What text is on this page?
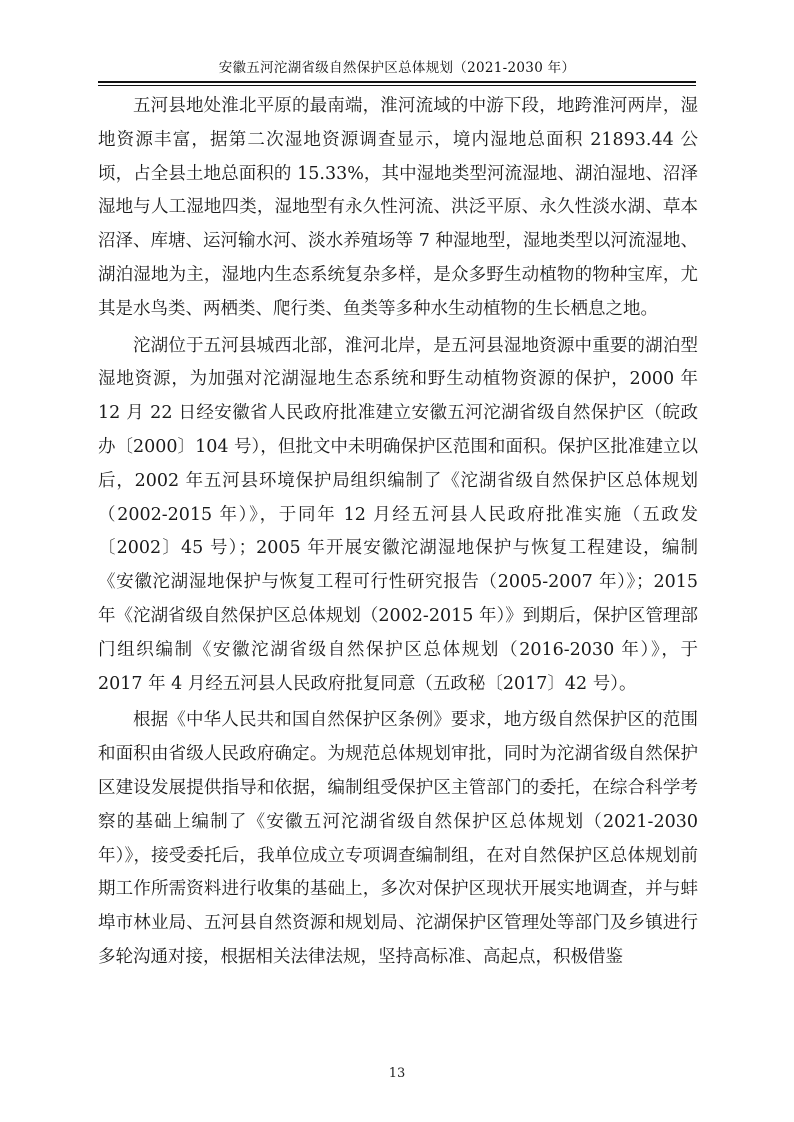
安徽五河沱湖省级自然保护区总体规划（2021-2030 年）

五河县地处淮北平原的最南端，淮河流域的中游下段，地跨淮河两岸，湿地资源丰富，据第二次湿地资源调查显示，境内湿地总面积 21893.44 公顷，占全县土地总面积的 15.33%，其中湿地类型河流湿地、湖泊湿地、沼泽湿地与人工湿地四类，湿地型有永久性河流、洪泛平原、永久性淡水湖、草本沼泽、库塘、运河输水河、淡水养殖场等 7 种湿地型，湿地类型以河流湿地、湖泊湿地为主，湿地内生态系统复杂多样，是众多野生动植物的物种宝库，尤其是水鸟类、两栖类、爬行类、鱼类等多种水生动植物的生长栖息之地。

沱湖位于五河县城西北部，淮河北岸，是五河县湿地资源中重要的湖泊型湿地资源，为加强对沱湖湿地生态系统和野生动植物资源的保护，2000 年 12 月 22 日经安徽省人民政府批准建立安徽五河沱湖省级自然保护区（皖政办〔2000〕104 号），但批文中未明确保护区范围和面积。保护区批准建立以后，2002 年五河县环境保护局组织编制了《沱湖省级自然保护区总体规划（2002-2015 年）》，于同年 12 月经五河县人民政府批准实施（五政发〔2002〕45 号）；2005 年开展安徽沱湖湿地保护与恢复工程建设，编制《安徽沱湖湿地保护与恢复工程可行性研究报告（2005-2007 年）》；2015 年《沱湖省级自然保护区总体规划（2002-2015 年）》到期后，保护区管理部门组织编制《安徽沱湖省级自然保护区总体规划（2016-2030 年）》，于 2017 年 4 月经五河县人民政府批复同意（五政秘〔2017〕42 号）。

根据《中华人民共和国自然保护区条例》要求，地方级自然保护区的范围和面积由省级人民政府确定。为规范总体规划审批，同时为沱湖省级自然保护区建设发展提供指导和依据，编制组受保护区主管部门的委托，在综合科学考察的基础上编制了《安徽五河沱湖省级自然保护区总体规划（2021-2030 年）》，接受委托后，我单位成立专项调查编制组，在对自然保护区总体规划前期工作所需资料进行收集的基础上，多次对保护区现状开展实地调查，并与蚌埠市林业局、五河县自然资源和规划局、沱湖保护区管理处等部门及乡镇进行多轮沟通对接，根据相关法律法规，坚持高标准、高起点，积极借鉴

13
